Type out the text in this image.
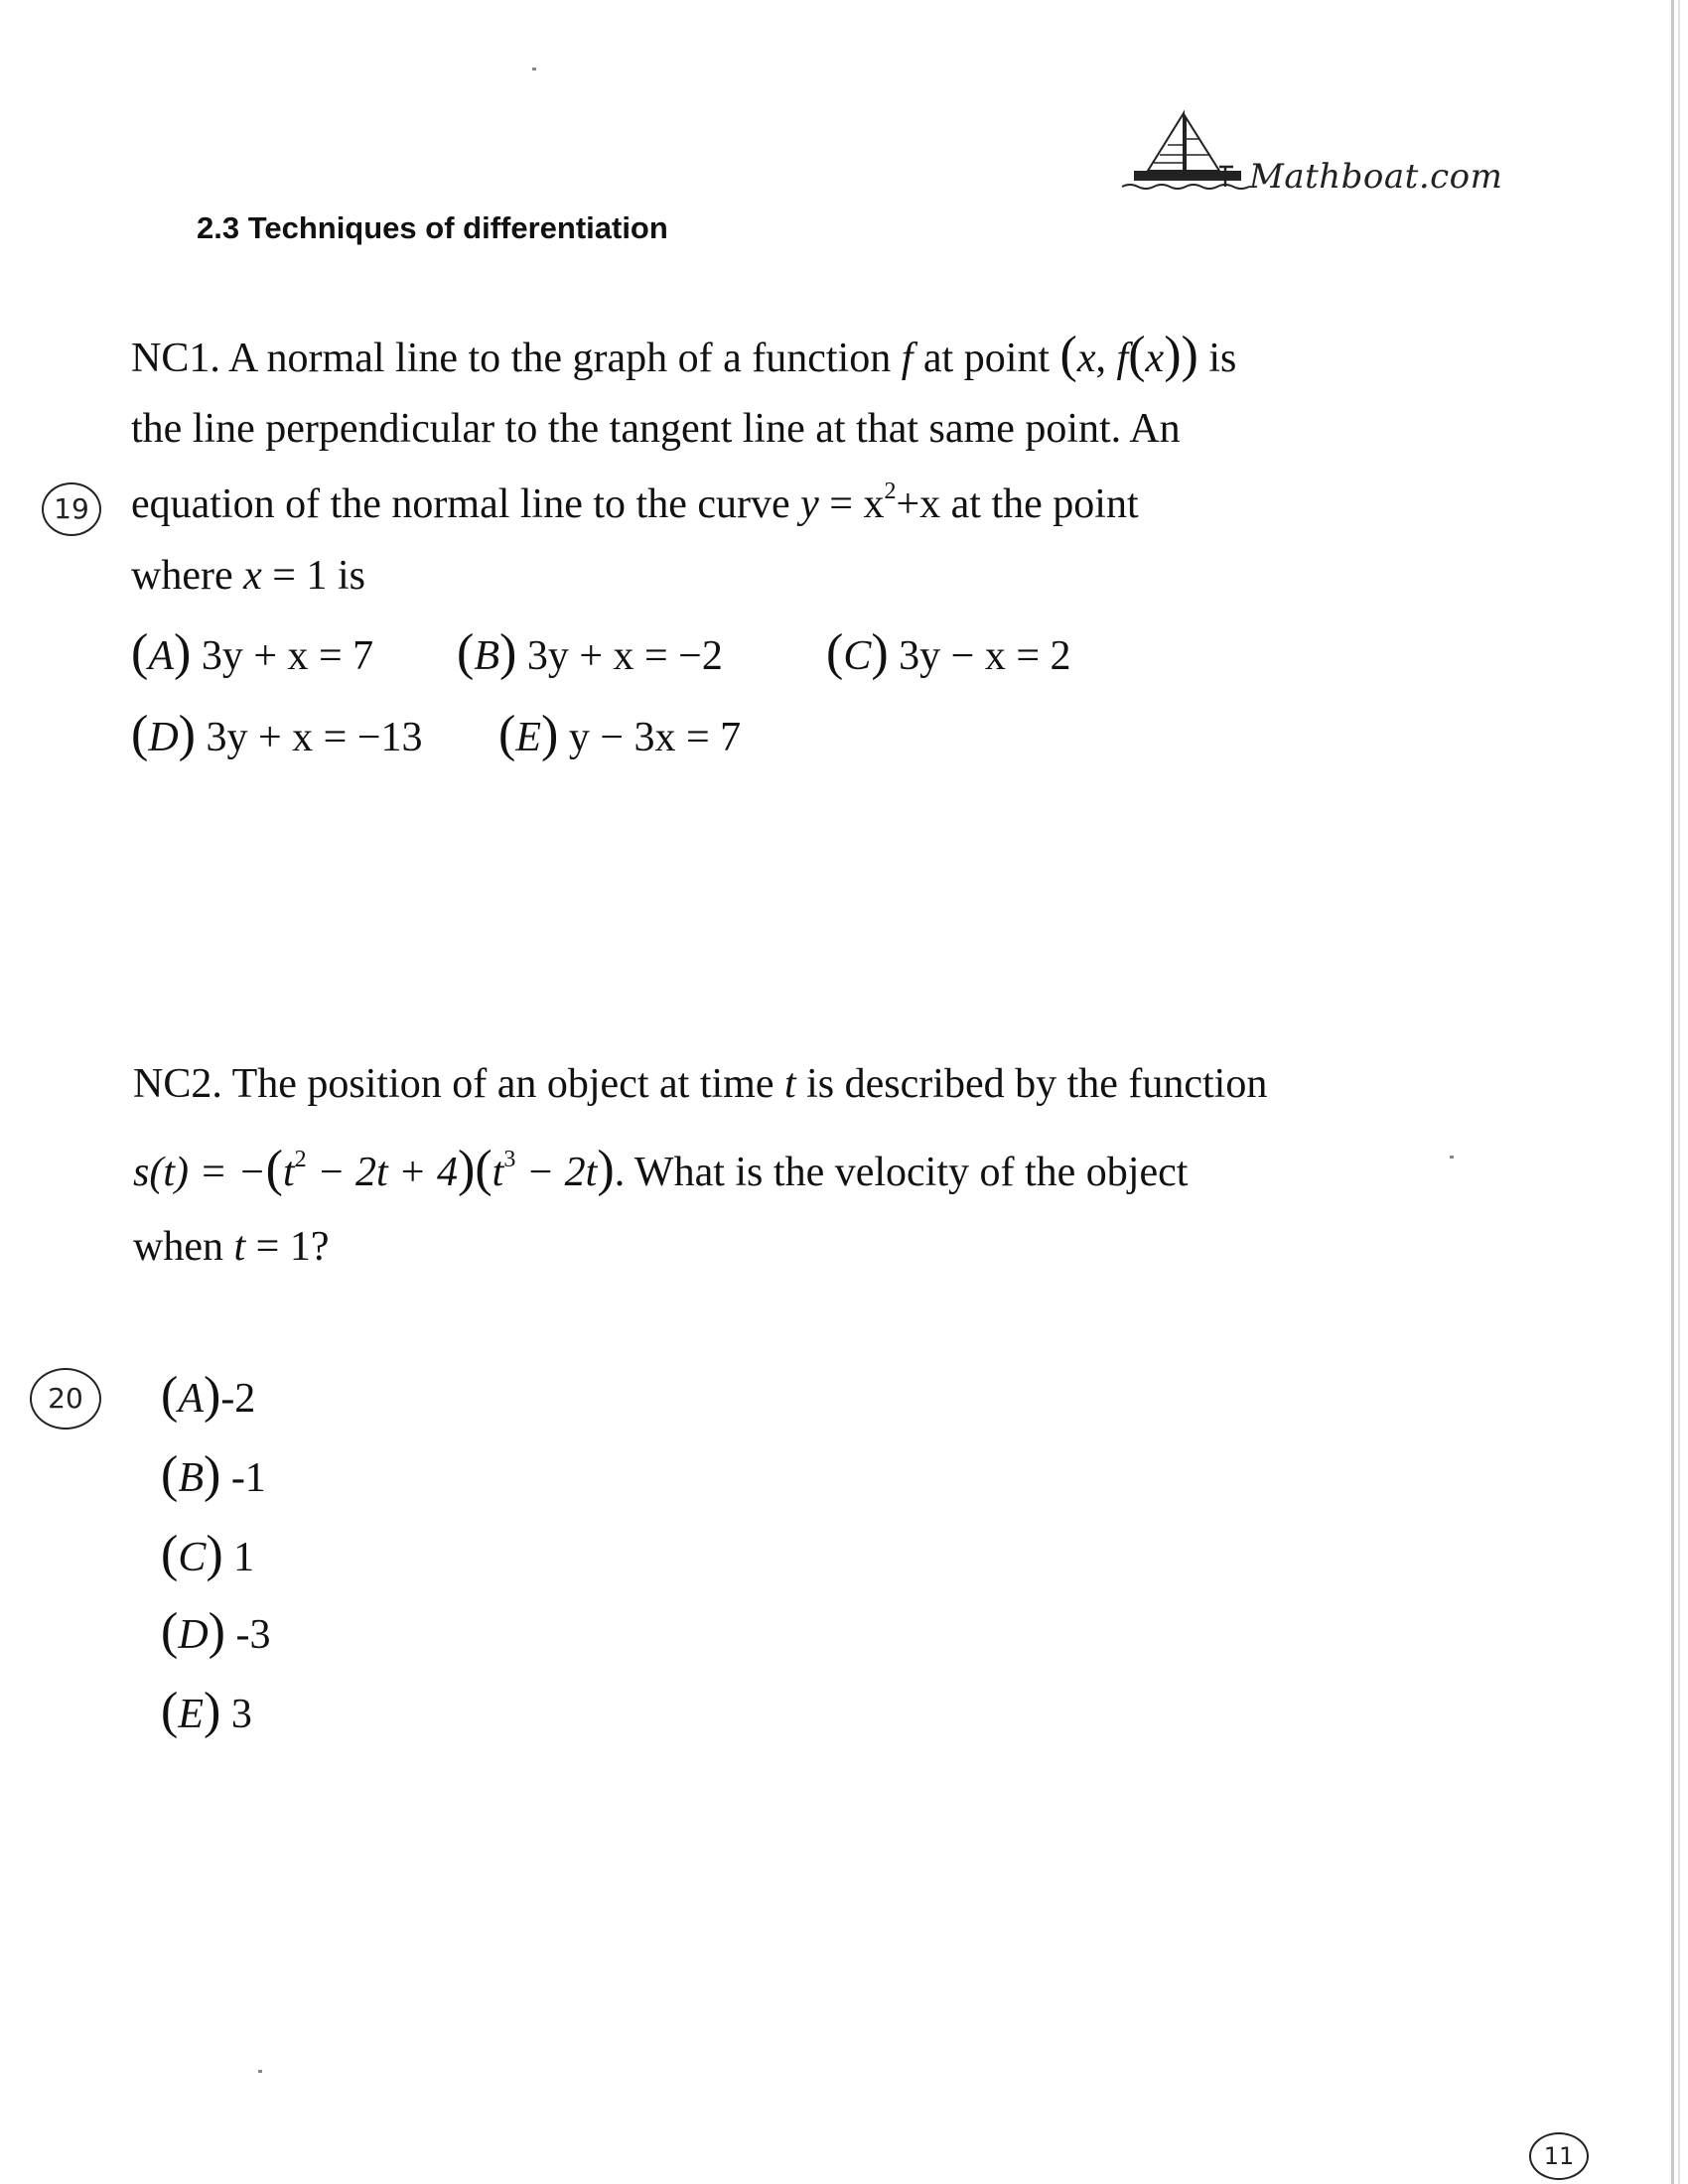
Mathboat.com
2.3 Techniques of differentiation
NC1. A normal line to the graph of a function f at point (x, f(x)) is
the line perpendicular to the tangent line at that same point. An
equation of the normal line to the curve $y = x^2+x$ at the point
where x = 1 is
(A) 3y + x = 7 (B) 3y + x = −2 (C) 3y − x = 2
(D) 3y + x = −13 (E) y − 3x = 7
19
NC2. The position of an object at time t is described by the function
$s(t) = -(t^2 - 2t + 4)(t^3 - 2t)$. What is the velocity of the object
when t = 1?
(A)-2
(B) -1
(C) 1
(D) -3
(E) 3
20
11
